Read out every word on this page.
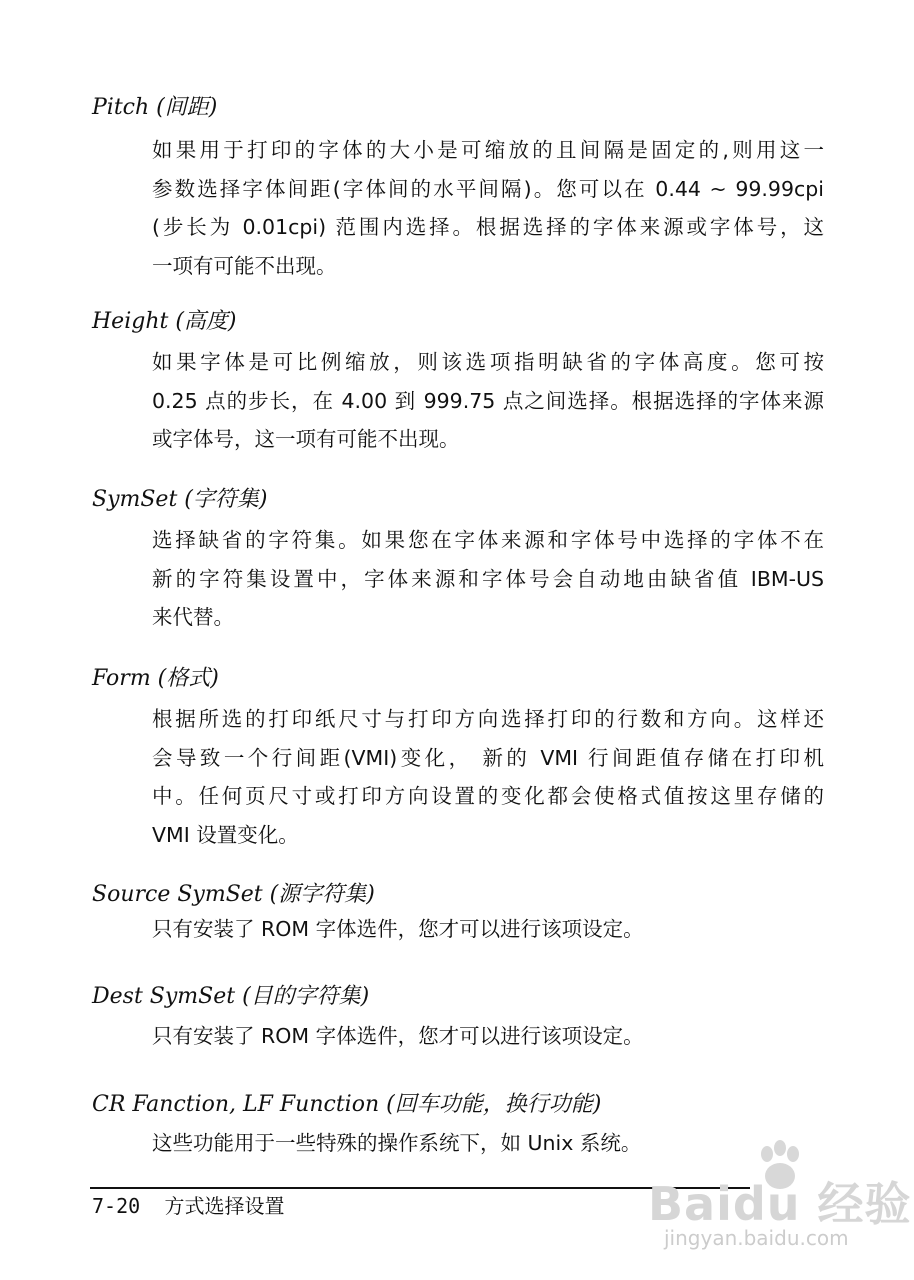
Pitch (间距)
如果用于打印的字体的大小是可缩放的且间隔是固定的,则用这一
参数选择字体间距(字体间的水平间隔)。您可以在 0.44 ~ 99.99cpi
(步长为 0.01cpi) 范围内选择。根据选择的字体来源或字体号，这
一项有可能不出现。
Height (高度)
如果字体是可比例缩放，则该选项指明缺省的字体高度。您可按
0.25 点的步长，在 4.00 到 999.75 点之间选择。根据选择的字体来源
或字体号，这一项有可能不出现。
SymSet (字符集)
选择缺省的字符集。如果您在字体来源和字体号中选择的字体不在
新的字符集设置中，字体来源和字体号会自动地由缺省值 IBM-US
来代替。
Form (格式)
根据所选的打印纸尺寸与打印方向选择打印的行数和方向。这样还
会导致一个行间距(VMI)变化， 新的 VMI 行间距值存储在打印机
中。任何页尺寸或打印方向设置的变化都会使格式值按这里存储的
VMI 设置变化。
Source SymSet (源字符集)
只有安装了 ROM 字体选件，您才可以进行该项设定。
Dest SymSet (目的字符集)
只有安装了 ROM 字体选件，您才可以进行该项设定。
CR Fanction, LF Function (回车功能，换行功能)
这些功能用于一些特殊的操作系统下，如 Unix 系统。
7-20 方式选择设置	Baidu 经验
jingyan.baidu.com
